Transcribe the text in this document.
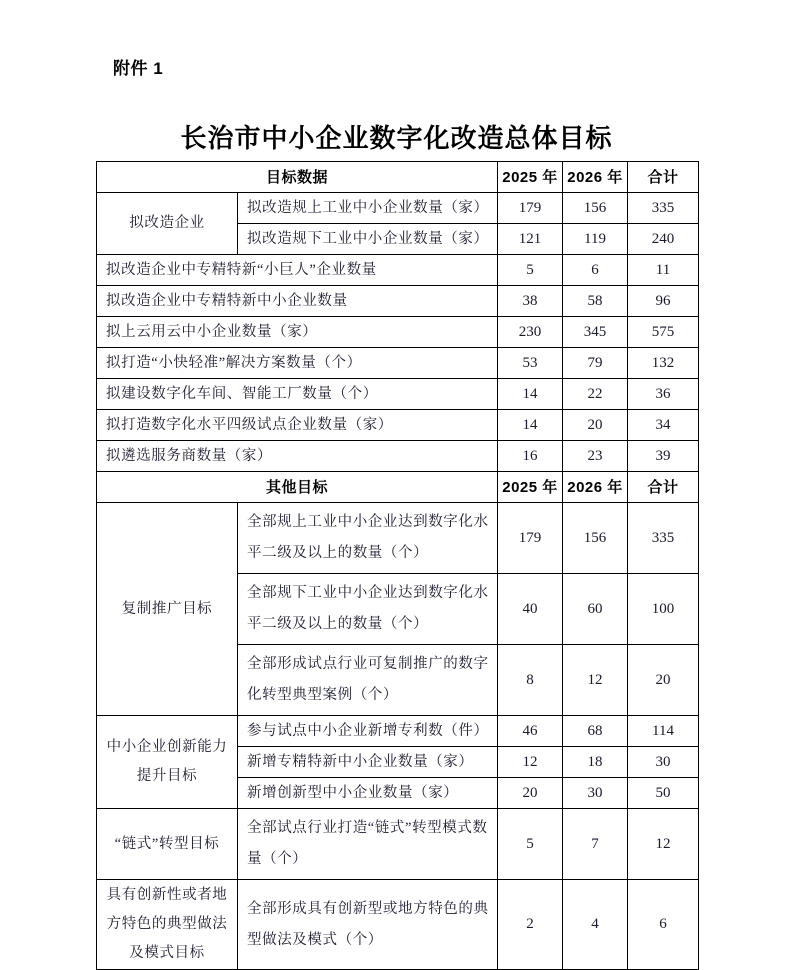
附件 1
长治市中小企业数字化改造总体目标
目标数据		2025 年	2026 年	合计
拟改造企业	拟改造规上工业中小企业数量（家）	179	156	335
	拟改造规下工业中小企业数量（家）	121	119	240
拟改造企业中专精特新“小巨人”企业数量		5	6	11
拟改造企业中专精特新中小企业数量		38	58	96
拟上云用云中小企业数量（家）		230	345	575
拟打造“小快轻准”解决方案数量（个）		53	79	132
拟建设数字化车间、智能工厂数量（个）		14	22	36
拟打造数字化水平四级试点企业数量（家）		14	20	34
拟遴选服务商数量（家）		16	23	39
其他目标		2025 年	2026 年	合计
复制推广目标	全部规上工业中小企业达到数字化水平二级及以上的数量（个）	179	156	335
	全部规下工业中小企业达到数字化水平二级及以上的数量（个）	40	60	100
	全部形成试点行业可复制推广的数字化转型典型案例（个）	8	12	20
中小企业创新能力提升目标	参与试点中小企业新增专利数（件）	46	68	114
	新增专精特新中小企业数量（家）	12	18	30
	新增创新型中小企业数量（家）	20	30	50
“链式”转型目标	全部试点行业打造“链式”转型模式数量（个）	5	7	12
具有创新性或者地方特色的典型做法及模式目标	全部形成具有创新型或地方特色的典型做法及模式（个）	2	4	6
